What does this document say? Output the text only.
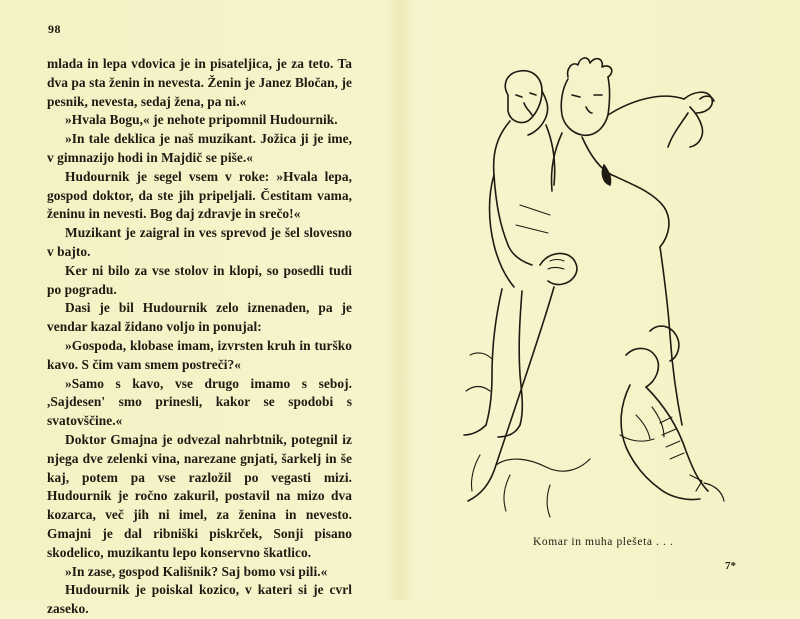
98

mlada in lepa vdovica je in pisateljica, je za teto. Ta dva pa sta ženin in nevesta. Ženin je Janez Bločan, je pesnik, nevesta, sedaj žena, pa ni.«

»Hvala Bogu,« je nehote pripomnil Hudournik.

»In tale deklica je naš muzikant. Jožica ji je ime, v gimnazijo hodi in Majdič se piše.«

Hudournik je segel vsem v roke: »Hvala lepa, gospod doktor, da ste jih pripeljali. Čestitam vama, ženinu in nevesti. Bog daj zdravje in srečo!«

Muzikant je zaigral in ves sprevod je šel slovesno v bajto.

Ker ni bilo za vse stolov in klopi, so posedli tudi po pogradu.

Dasi je bil Hudournik zelo iznenaden, pa je vendar kazal židano voljo in ponujal:

»Gospoda, klobase imam, izvrsten kruh in turško kavo. S čim vam smem postreči?«

»Samo s kavo, vse drugo imamo s seboj. ,Sajdesen' smo prinesli, kakor se spodobi s svatovščine.«

Doktor Gmajna je odvezal nahrbtnik, potegnil iz njega dve zelenki vina, narezane gnjati, šarkelj in še kaj, potem pa vse razložil po vegasti mizi. Hudournik je ročno zakuril, postavil na mizo dva kozarca, več jih ni imel, za ženina in nevesto. Gmajni je dal ribniški piskrček, Sonji pisano skodelico, muzikantu lepo konservno škatlico.

»In zase, gospod Kališnik? Saj bomo vsi pili.«

Hudournik je poiskal kozico, v kateri si je cvrl zaseko.

Komar in muha plešeta . . .
7*
